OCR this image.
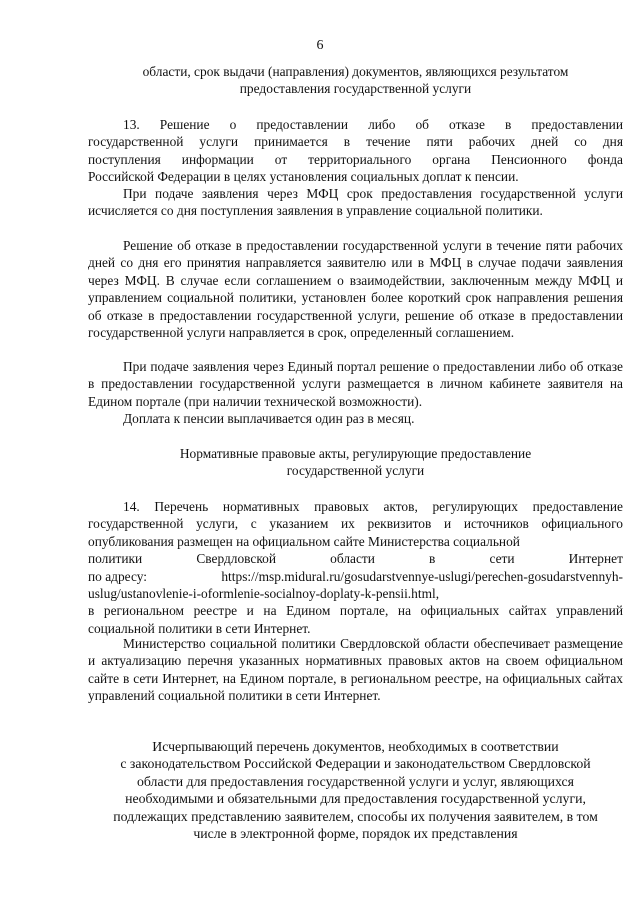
6
области, срок выдачи (направления) документов, являющихся результатом
предоставления государственной услуги
13. Решение о предоставлении либо об отказе в предоставлении
государственной услуги принимается в течение пяти рабочих дней со дня
поступления информации от территориального органа Пенсионного фонда
Российской Федерации в целях установления социальных доплат к пенсии.

При подаче заявления через МФЦ срок предоставления государственной услуги исчисляется со дня поступления заявления в управление социальной политики.

Решение об отказе в предоставлении государственной услуги в течение пяти рабочих дней со дня его принятия направляется заявителю или в МФЦ в случае подачи заявления через МФЦ. В случае если соглашением о взаимодействии, заключенным между МФЦ и управлением социальной политики, установлен более короткий срок направления решения об отказе в предоставлении государственной услуги, решение об отказе в предоставлении государственной услуги направляется в срок, определенный соглашением.

При подаче заявления через Единый портал решение о предоставлении либо об отказе в предоставлении государственной услуги размещается в личном кабинете заявителя на Едином портале (при наличии технической возможности).

Доплата к пенсии выплачивается один раз в месяц.

Нормативные правовые акты, регулирующие предоставление
государственной услуги

14. Перечень нормативных правовых актов, регулирующих предоставление государственной услуги, с указанием их реквизитов и источников официального опубликования размещен на официальном сайте Министерства социальной

политики	Свердловской	области	в	сети	Интернет
по адресу:	https://msp.midural.ru/gosudarstvennye-uslugi/perechen-gosudarstvennyh-
uslug/ustanovlenie-i-oformlenie-socialnoy-doplaty-k-pensii.html,

в региональном реестре и на Едином портале, на официальных сайтах управлений социальной политики в сети Интернет.

Министерство социальной политики Свердловской области обеспечивает размещение и актуализацию перечня указанных нормативных правовых актов на своем официальном сайте в сети Интернет, на Едином портале, в региональном реестре, на официальных сайтах управлений социальной политики в сети Интернет.

Исчерпывающий перечень документов, необходимых в соответствии
с законодательством Российской Федерации и законодательством Свердловской
области для предоставления государственной услуги и услуг, являющихся
необходимыми и обязательными для предоставления государственной услуги,
подлежащих представлению заявителем, способы их получения заявителем, в том
числе в электронной форме, порядок их представления
